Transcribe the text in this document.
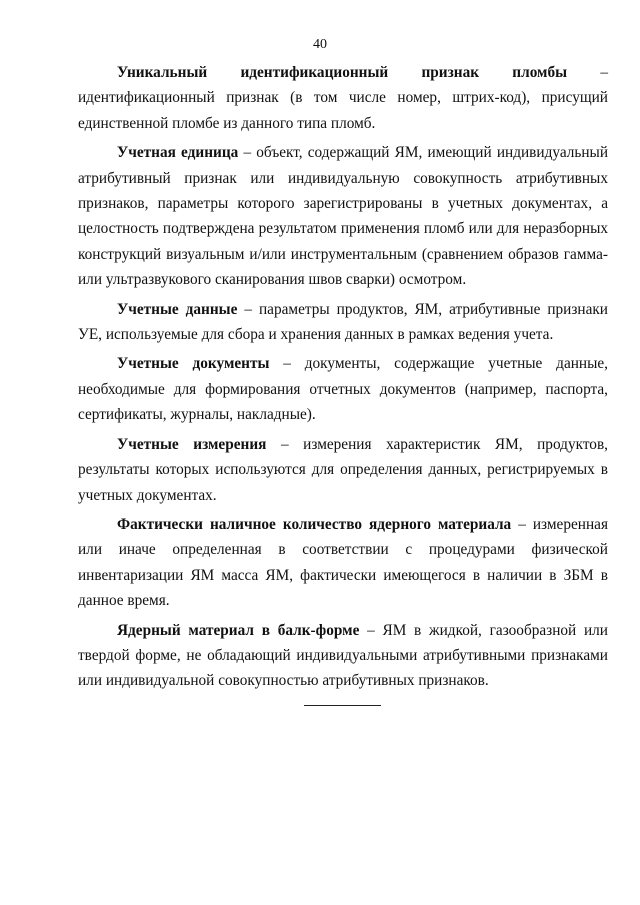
40

Уникальный идентификационный признак пломбы – идентификационный признак (в том числе номер, штрих-код), присущий единственной пломбе из данного типа пломб.

Учетная единица – объект, содержащий ЯМ, имеющий индивидуальный атрибутивный признак или индивидуальную совокупность атрибутивных признаков, параметры которого зарегистрированы в учетных документах, а целостность подтверждена результатом применения пломб или для неразборных конструкций визуальным и/или инструментальным (сравнением образов гамма- или ультразвукового сканирования швов сварки) осмотром.

Учетные данные – параметры продуктов, ЯМ, атрибутивные признаки УЕ, используемые для сбора и хранения данных в рамках ведения учета.

Учетные документы – документы, содержащие учетные данные, необходимые для формирования отчетных документов (например, паспорта, сертификаты, журналы, накладные).

Учетные измерения – измерения характеристик ЯМ, продуктов, результаты которых используются для определения данных, регистрируемых в учетных документах.

Фактически наличное количество ядерного материала – измеренная или иначе определенная в соответствии с процедурами физической инвентаризации ЯМ масса ЯМ, фактически имеющегося в наличии в ЗБМ в данное время.

Ядерный материал в балк-форме – ЯМ в жидкой, газообразной или твердой форме, не обладающий индивидуальными атрибутивными признаками или индивидуальной совокупностью атрибутивных признаков.
